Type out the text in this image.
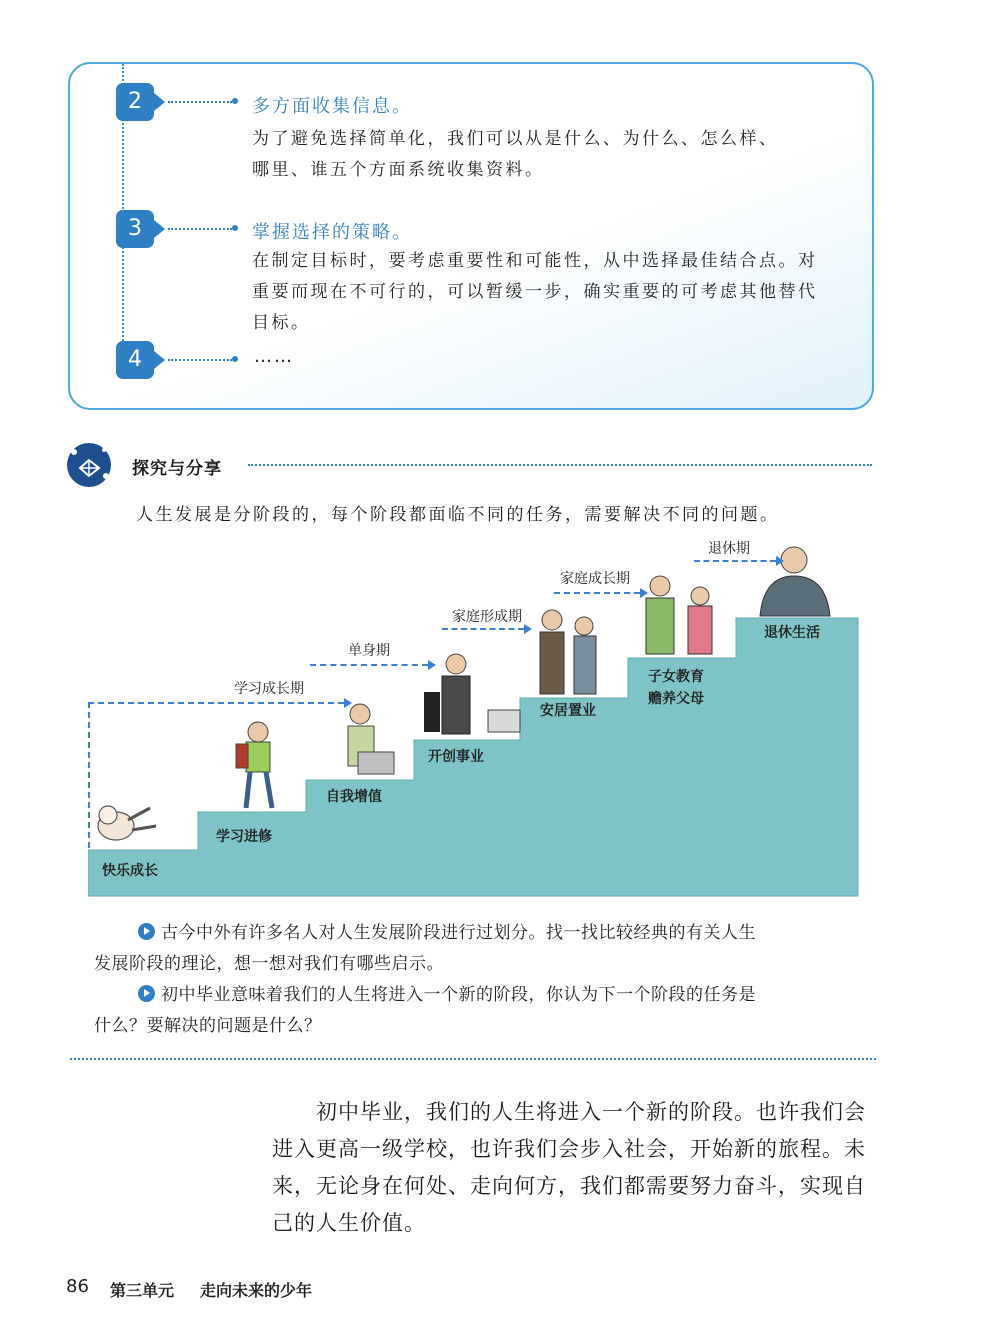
2	多方面收集信息。
为了避免选择简单化，我们可以从是什么、为什么、怎么样、
哪里、谁五个方面系统收集资料。
3	掌握选择的策略。
在制定目标时，要考虑重要性和可能性，从中选择最佳结合点。对
重要而现在不可行的，可以暂缓一步，确实重要的可考虑其他替代
目标。
4	……
探究与分享
人生发展是分阶段的，每个阶段都面临不同的任务，需要解决不同的问题。
快乐成长
学习进修
自我增值
开创事业
安居置业
子女教育
赡养父母
退休生活
学习成长期
单身期
家庭形成期
家庭成长期
退休期
古今中外有许多名人对人生发展阶段进行过划分。找一找比较经典的有关人生
发展阶段的理论，想一想对我们有哪些启示。
初中毕业意味着我们的人生将进入一个新的阶段，你认为下一个阶段的任务是
什么？要解决的问题是什么？
初中毕业，我们的人生将进入一个新的阶段。也许我们会进入更高一级学校，也许我们会步入社会，开始新的旅程。未来，无论身在何处、走向何方，我们都需要努力奋斗，实现自己的人生价值。
86 第三单元 走向未来的少年
